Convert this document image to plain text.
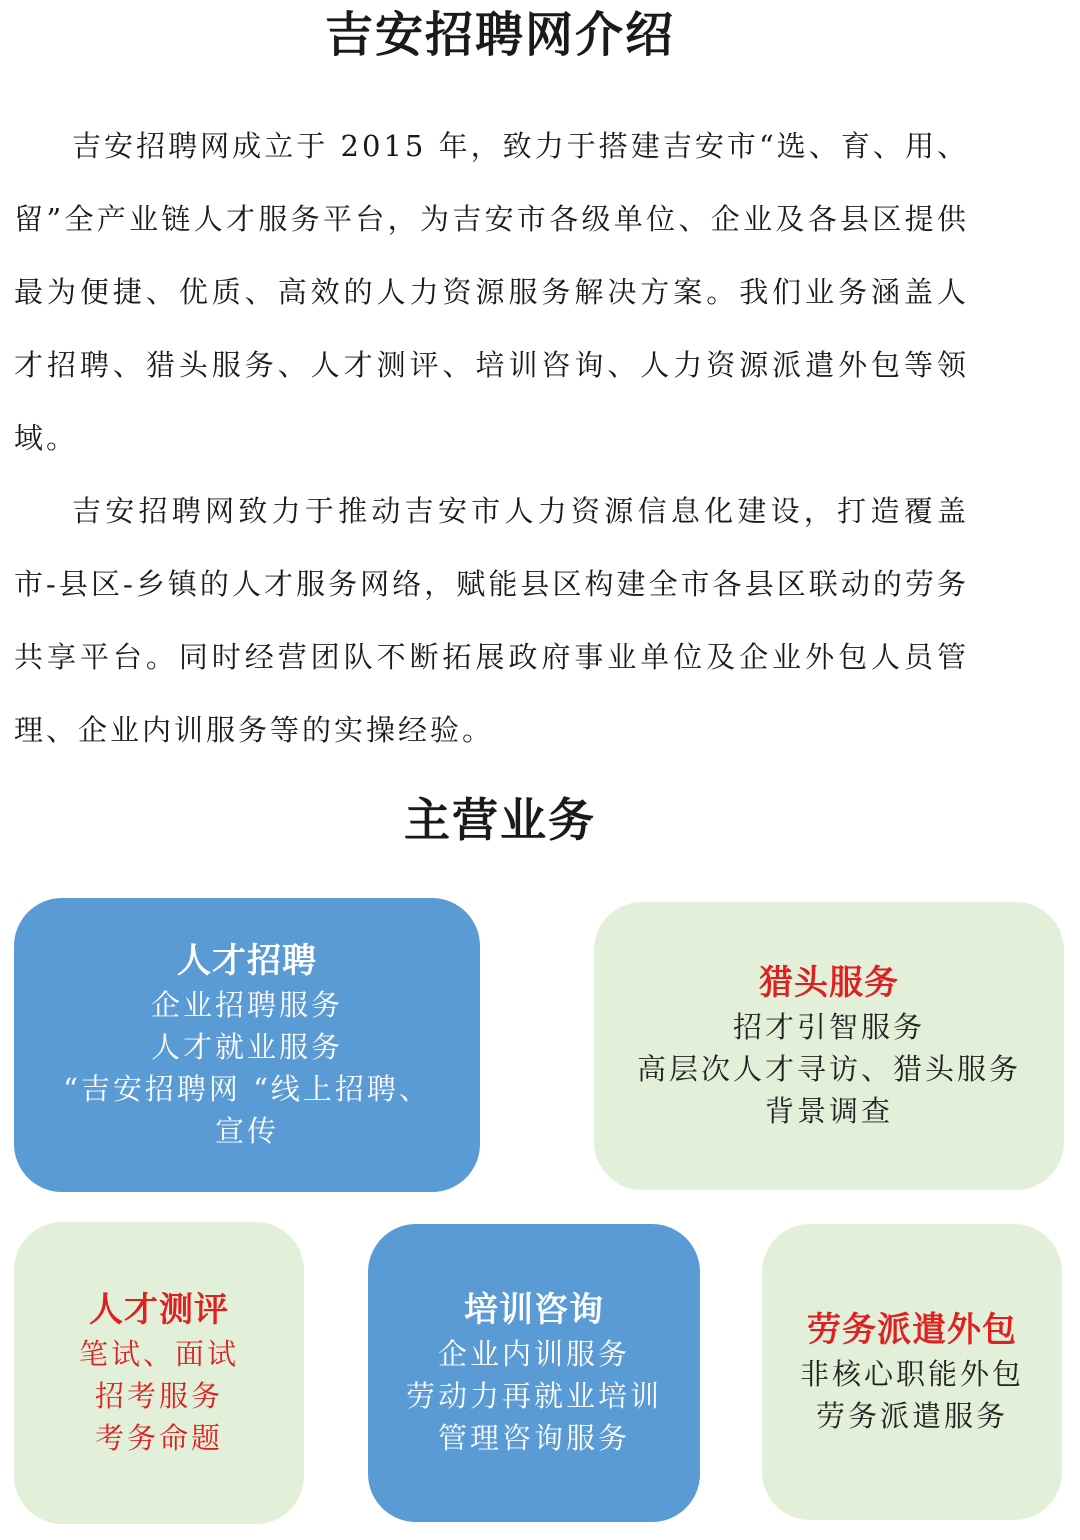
吉安招聘网介绍

吉安招聘网成立于 2015 年，致力于搭建吉安市“选、育、用、留”全产业链人才服务平台，为吉安市各级单位、企业及各县区提供最为便捷、优质、高效的人力资源服务解决方案。我们业务涵盖人才招聘、猎头服务、人才测评、培训咨询、人力资源派遣外包等领域。

吉安招聘网致力于推动吉安市人力资源信息化建设，打造覆盖市-县区-乡镇的人才服务网络，赋能县区构建全市各县区联动的劳务共享平台。同时经营团队不断拓展政府事业单位及企业外包人员管理、企业内训服务等的实操经验。

主营业务
人才招聘
企业招聘服务
人才就业服务
“吉安招聘网 “线上招聘、
宣传
猎头服务
招才引智服务
高层次人才寻访、猎头服务
背景调查
人才测评
笔试、面试
招考服务
考务命题
培训咨询
企业内训服务
劳动力再就业培训
管理咨询服务
劳务派遣外包
非核心职能外包
劳务派遣服务
